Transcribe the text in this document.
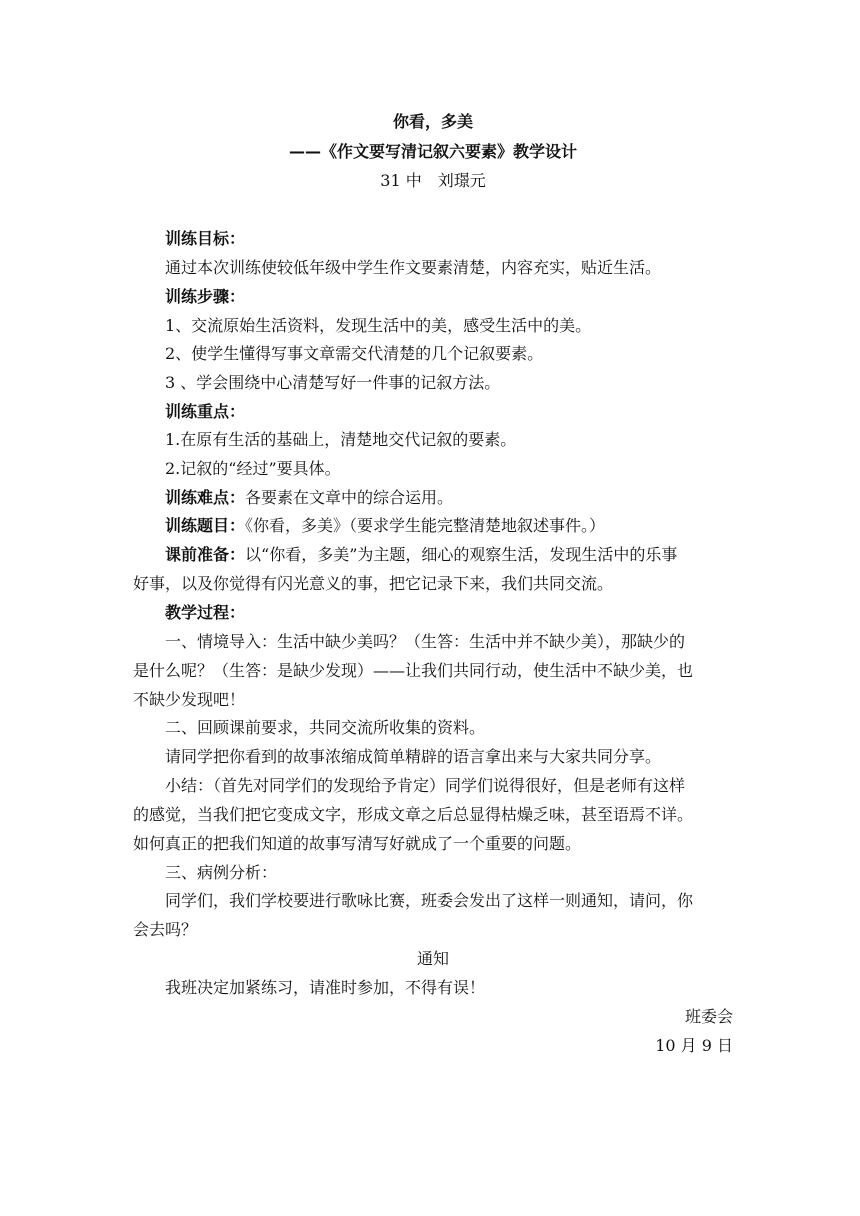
你看，多美
——《作文要写清记叙六要素》教学设计
31 中　刘璟元
训练目标：
通过本次训练使较低年级中学生作文要素清楚，内容充实，贴近生活。
训练步骤：
1、交流原始生活资料，发现生活中的美，感受生活中的美。
2、使学生懂得写事文章需交代清楚的几个记叙要素。
3 、学会围绕中心清楚写好一件事的记叙方法。
训练重点：
1.在原有生活的基础上，清楚地交代记叙的要素。
2.记叙的“经过”要具体。
训练难点：各要素在文章中的综合运用。
训练题目：《你看，多美》（要求学生能完整清楚地叙述事件。）
课前准备：以“你看，多美”为主题，细心的观察生活，发现生活中的乐事
好事，以及你觉得有闪光意义的事，把它记录下来，我们共同交流。
教学过程：
一、情境导入：生活中缺少美吗？（生答：生活中并不缺少美），那缺少的
是什么呢？（生答：是缺少发现）——让我们共同行动，使生活中不缺少美，也
不缺少发现吧！
二、回顾课前要求，共同交流所收集的资料。
请同学把你看到的故事浓缩成简单精辟的语言拿出来与大家共同分享。
小结：（首先对同学们的发现给予肯定）同学们说得很好，但是老师有这样
的感觉，当我们把它变成文字，形成文章之后总显得枯燥乏味，甚至语焉不详。
如何真正的把我们知道的故事写清写好就成了一个重要的问题。
三、病例分析：
同学们，我们学校要进行歌咏比赛，班委会发出了这样一则通知，请问，你
会去吗？
通知
我班决定加紧练习，请准时参加，不得有误！
班委会
10 月 9 日
